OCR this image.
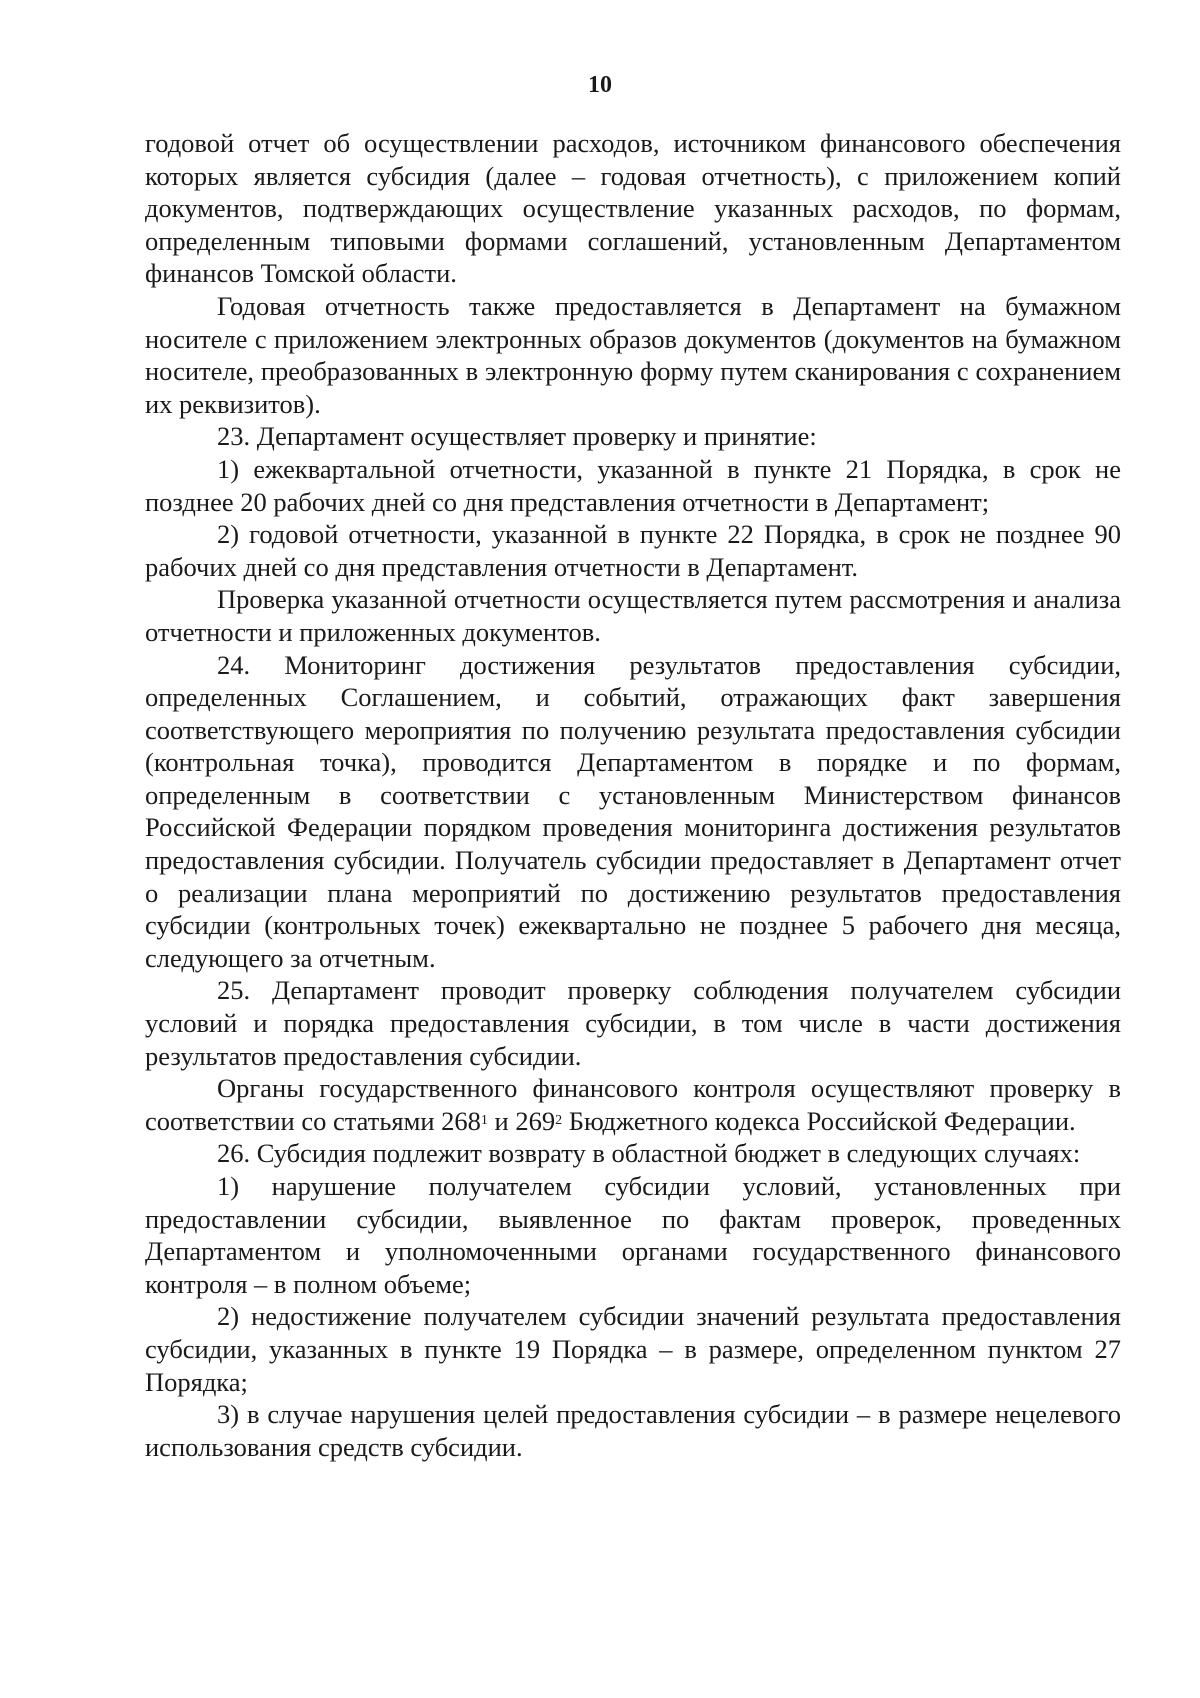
10

годовой отчет об осуществлении расходов, источником финансового обеспечения которых является субсидия (далее – годовая отчетность), с приложением копий документов, подтверждающих осуществление указанных расходов, по формам, определенным типовыми формами соглашений, установленным Департаментом финансов Томской области.

Годовая отчетность также предоставляется в Департамент на бумажном носителе с приложением электронных образов документов (документов на бумажном носителе, преобразованных в электронную форму путем сканирования с сохранением их реквизитов).

23. Департамент осуществляет проверку и принятие:

1) ежеквартальной отчетности, указанной в пункте 21 Порядка, в срок не позднее 20 рабочих дней со дня представления отчетности в Департамент;

2) годовой отчетности, указанной в пункте 22 Порядка, в срок не позднее 90 рабочих дней со дня представления отчетности в Департамент.

Проверка указанной отчетности осуществляется путем рассмотрения и анализа отчетности и приложенных документов.

24. Мониторинг достижения результатов предоставления субсидии, определенных Соглашением, и событий, отражающих факт завершения соответствующего мероприятия по получению результата предоставления субсидии (контрольная точка), проводится Департаментом в порядке и по формам, определенным в соответствии с установленным Министерством финансов Российской Федерации порядком проведения мониторинга достижения результатов предоставления субсидии. Получатель субсидии предоставляет в Департамент отчет о реализации плана мероприятий по достижению результатов предоставления субсидии (контрольных точек) ежеквартально не позднее 5 рабочего дня месяца, следующего за отчетным.

25. Департамент проводит проверку соблюдения получателем субсидии условий и порядка предоставления субсидии, в том числе в части достижения результатов предоставления субсидии.

Органы государственного финансового контроля осуществляют проверку в соответствии со статьями $268^1$ и $269^2$ Бюджетного кодекса Российской Федерации.

26. Субсидия подлежит возврату в областной бюджет в следующих случаях:

1) нарушение получателем субсидии условий, установленных при предоставлении субсидии, выявленное по фактам проверок, проведенных Департаментом и уполномоченными органами государственного финансового контроля – в полном объеме;

2) недостижение получателем субсидии значений результата предоставления субсидии, указанных в пункте 19 Порядка – в размере, определенном пунктом 27 Порядка;

3) в случае нарушения целей предоставления субсидии – в размере нецелевого использования средств субсидии.
